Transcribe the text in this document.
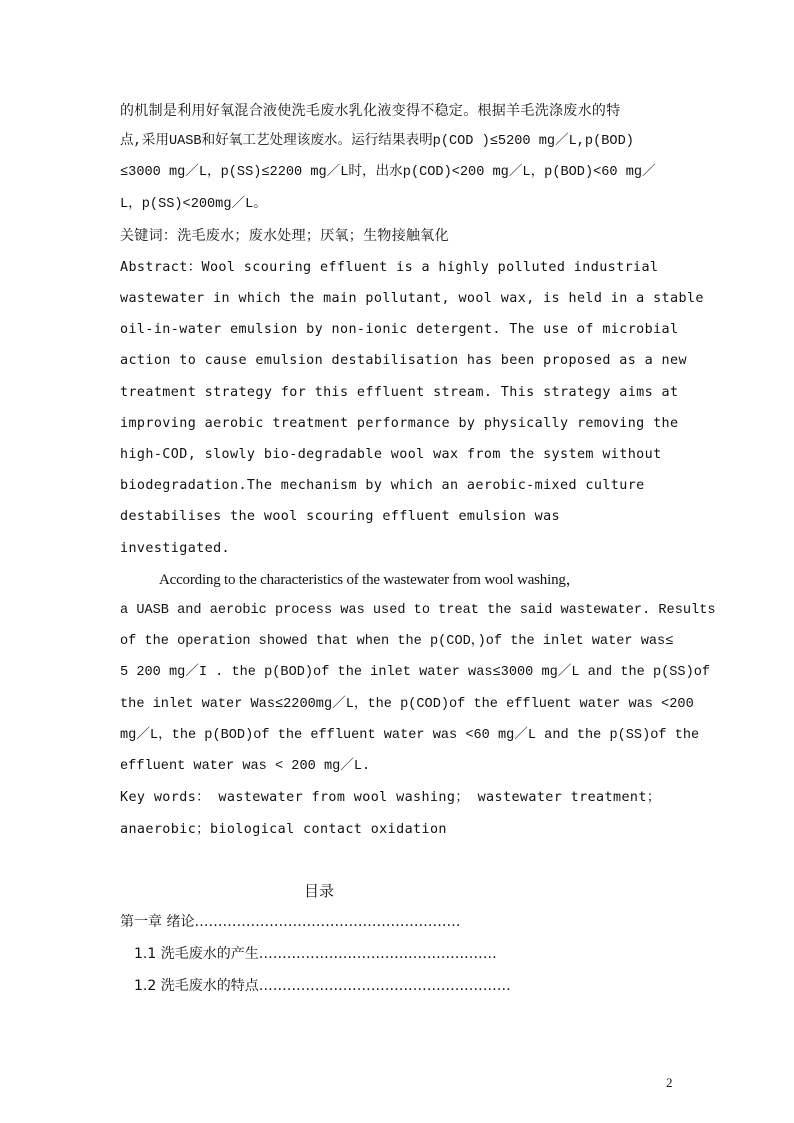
的机制是利用好氧混合液使洗毛废水乳化液变得不稳定。根据羊毛洗涤废水的特
点,采用UASB和好氧工艺处理该废水。运行结果表明p(COD )≤5200 mg／L,p(BOD)
≤3000 mg／L，p(SS)≤2200 mg／L时，出水p(COD)<200 mg／L，p(BOD)<60 mg／
L，p(SS)<200mg／L。
关键词：洗毛废水；废水处理；厌氧；生物接触氧化
Abstract：Wool scouring effluent is a highly polluted industrial
wastewater in which the main pollutant, wool wax, is held in a stable
oil-in-water emulsion by non-ionic detergent. The use of microbial
action to cause emulsion destabilisation has been proposed as a new
treatment strategy for this effluent stream. This strategy aims at
improving aerobic treatment performance by physically removing the
high-COD, slowly bio-degradable wool wax from the system without
biodegradation.The mechanism by which an aerobic-mixed culture
destabilises the wool scouring effluent emulsion was
investigated.
According to the characteristics of the wastewater from wool washing，
a UASB and aerobic process was used to treat the said wastewater. Results
of the operation showed that when the p(COD，)of the inlet water was≤
5 200 mg／I . the p(BOD)of the inlet water was≤3000 mg／L and the p(SS)of
the inlet water Was≤2200mg／L，the p(COD)of the effluent water was <200
mg／L，the p(BOD)of the effluent water was <60 mg／L and the p(SS)of the
effluent water was < 200 mg／L.
Key words： wastewater from wool washing； wastewater treatment；
anaerobic；biological contact oxidation
目录
第一章 绪论…………………………………………………
1.1 洗毛废水的产生……………………………………………
1.2 洗毛废水的特点………………………………………………
2
